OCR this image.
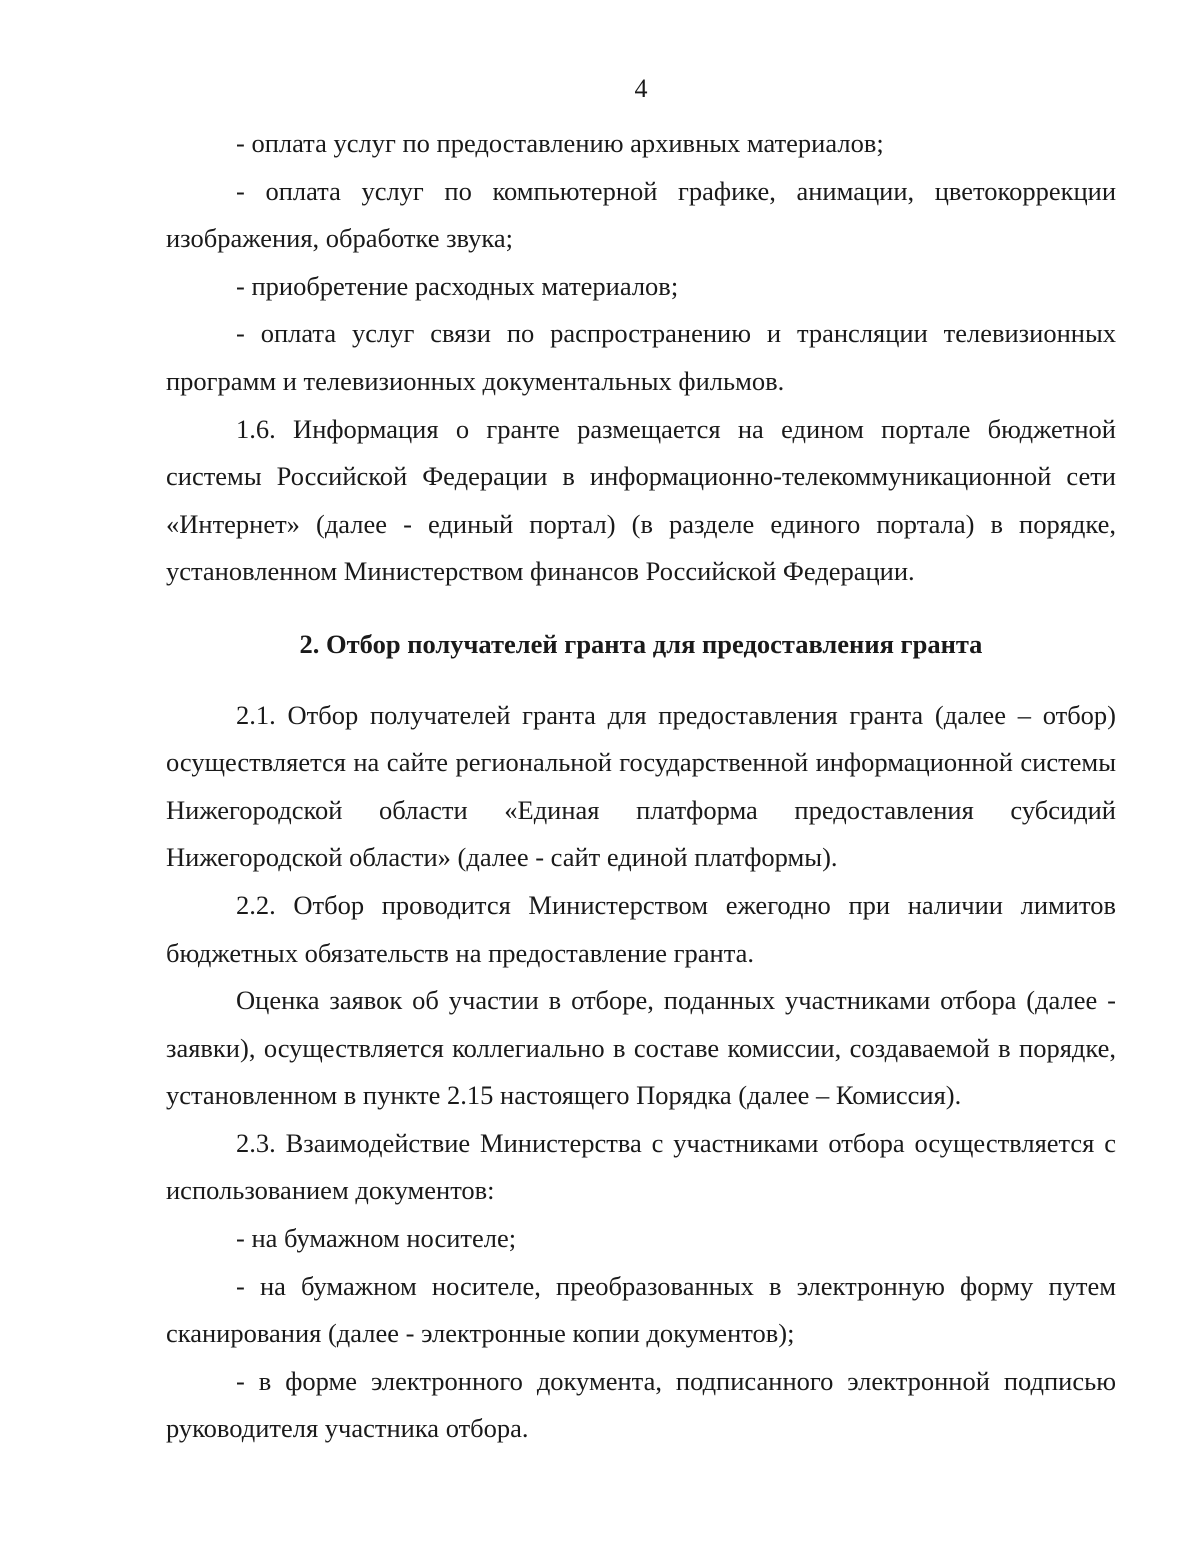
4

- оплата услуг по предоставлению архивных материалов;

- оплата услуг по компьютерной графике, анимации, цветокоррекции изображения, обработке звука;

- приобретение расходных материалов;

- оплата услуг связи по распространению и трансляции телевизионных программ и телевизионных документальных фильмов.

1.6. Информация о гранте размещается на едином портале бюджетной системы Российской Федерации в информационно-телекоммуникационной сети «Интернет» (далее - единый портал) (в разделе единого портала) в порядке, установленном Министерством финансов Российской Федерации.

2. Отбор получателей гранта для предоставления гранта

2.1. Отбор получателей гранта для предоставления гранта (далее – отбор) осуществляется на сайте региональной государственной информационной системы Нижегородской области «Единая платформа предоставления субсидий Нижегородской области» (далее - сайт единой платформы).

2.2. Отбор проводится Министерством ежегодно при наличии лимитов бюджетных обязательств на предоставление гранта.

Оценка заявок об участии в отборе, поданных участниками отбора (далее - заявки), осуществляется коллегиально в составе комиссии, создаваемой в порядке, установленном в пункте 2.15 настоящего Порядка (далее – Комиссия).

2.3. Взаимодействие Министерства с участниками отбора осуществляется с использованием документов:

- на бумажном носителе;

- на бумажном носителе, преобразованных в электронную форму путем сканирования (далее - электронные копии документов);

- в форме электронного документа, подписанного электронной подписью руководителя участника отбора.
